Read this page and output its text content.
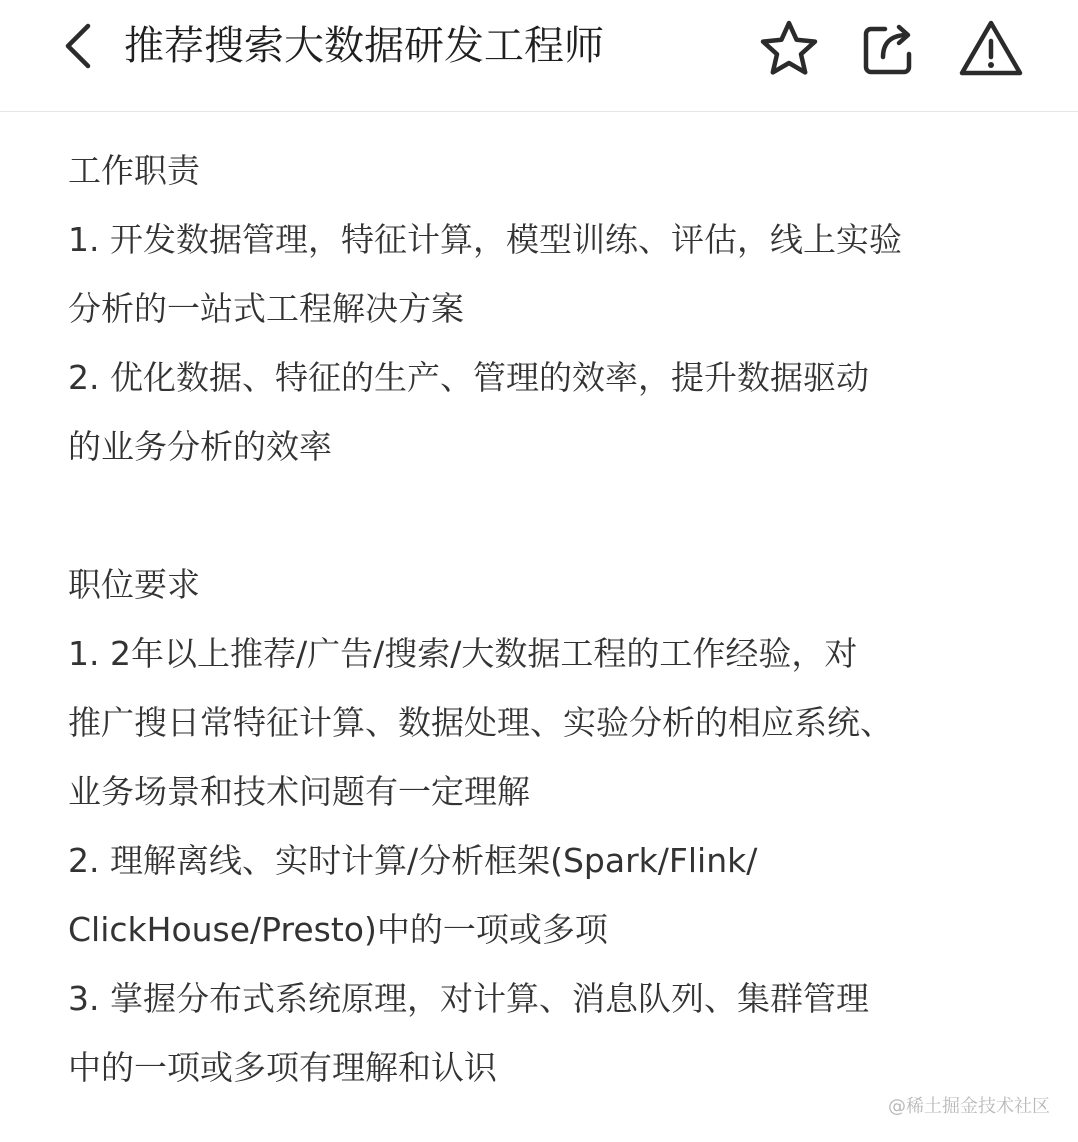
推荐搜索大数据研发工程师
工作职责
1. 开发数据管理，特征计算，模型训练、评估，线上实验
分析的一站式工程解决方案
2. 优化数据、特征的生产、管理的效率，提升数据驱动
的业务分析的效率
职位要求
1. 2年以上推荐/广告/搜索/大数据工程的工作经验，对
推广搜日常特征计算、数据处理、实验分析的相应系统、
业务场景和技术问题有一定理解
2. 理解离线、实时计算/分析框架(Spark/Flink/
ClickHouse/Presto)中的一项或多项
3. 掌握分布式系统原理，对计算、消息队列、集群管理
中的一项或多项有理解和认识
@稀土掘金技术社区
